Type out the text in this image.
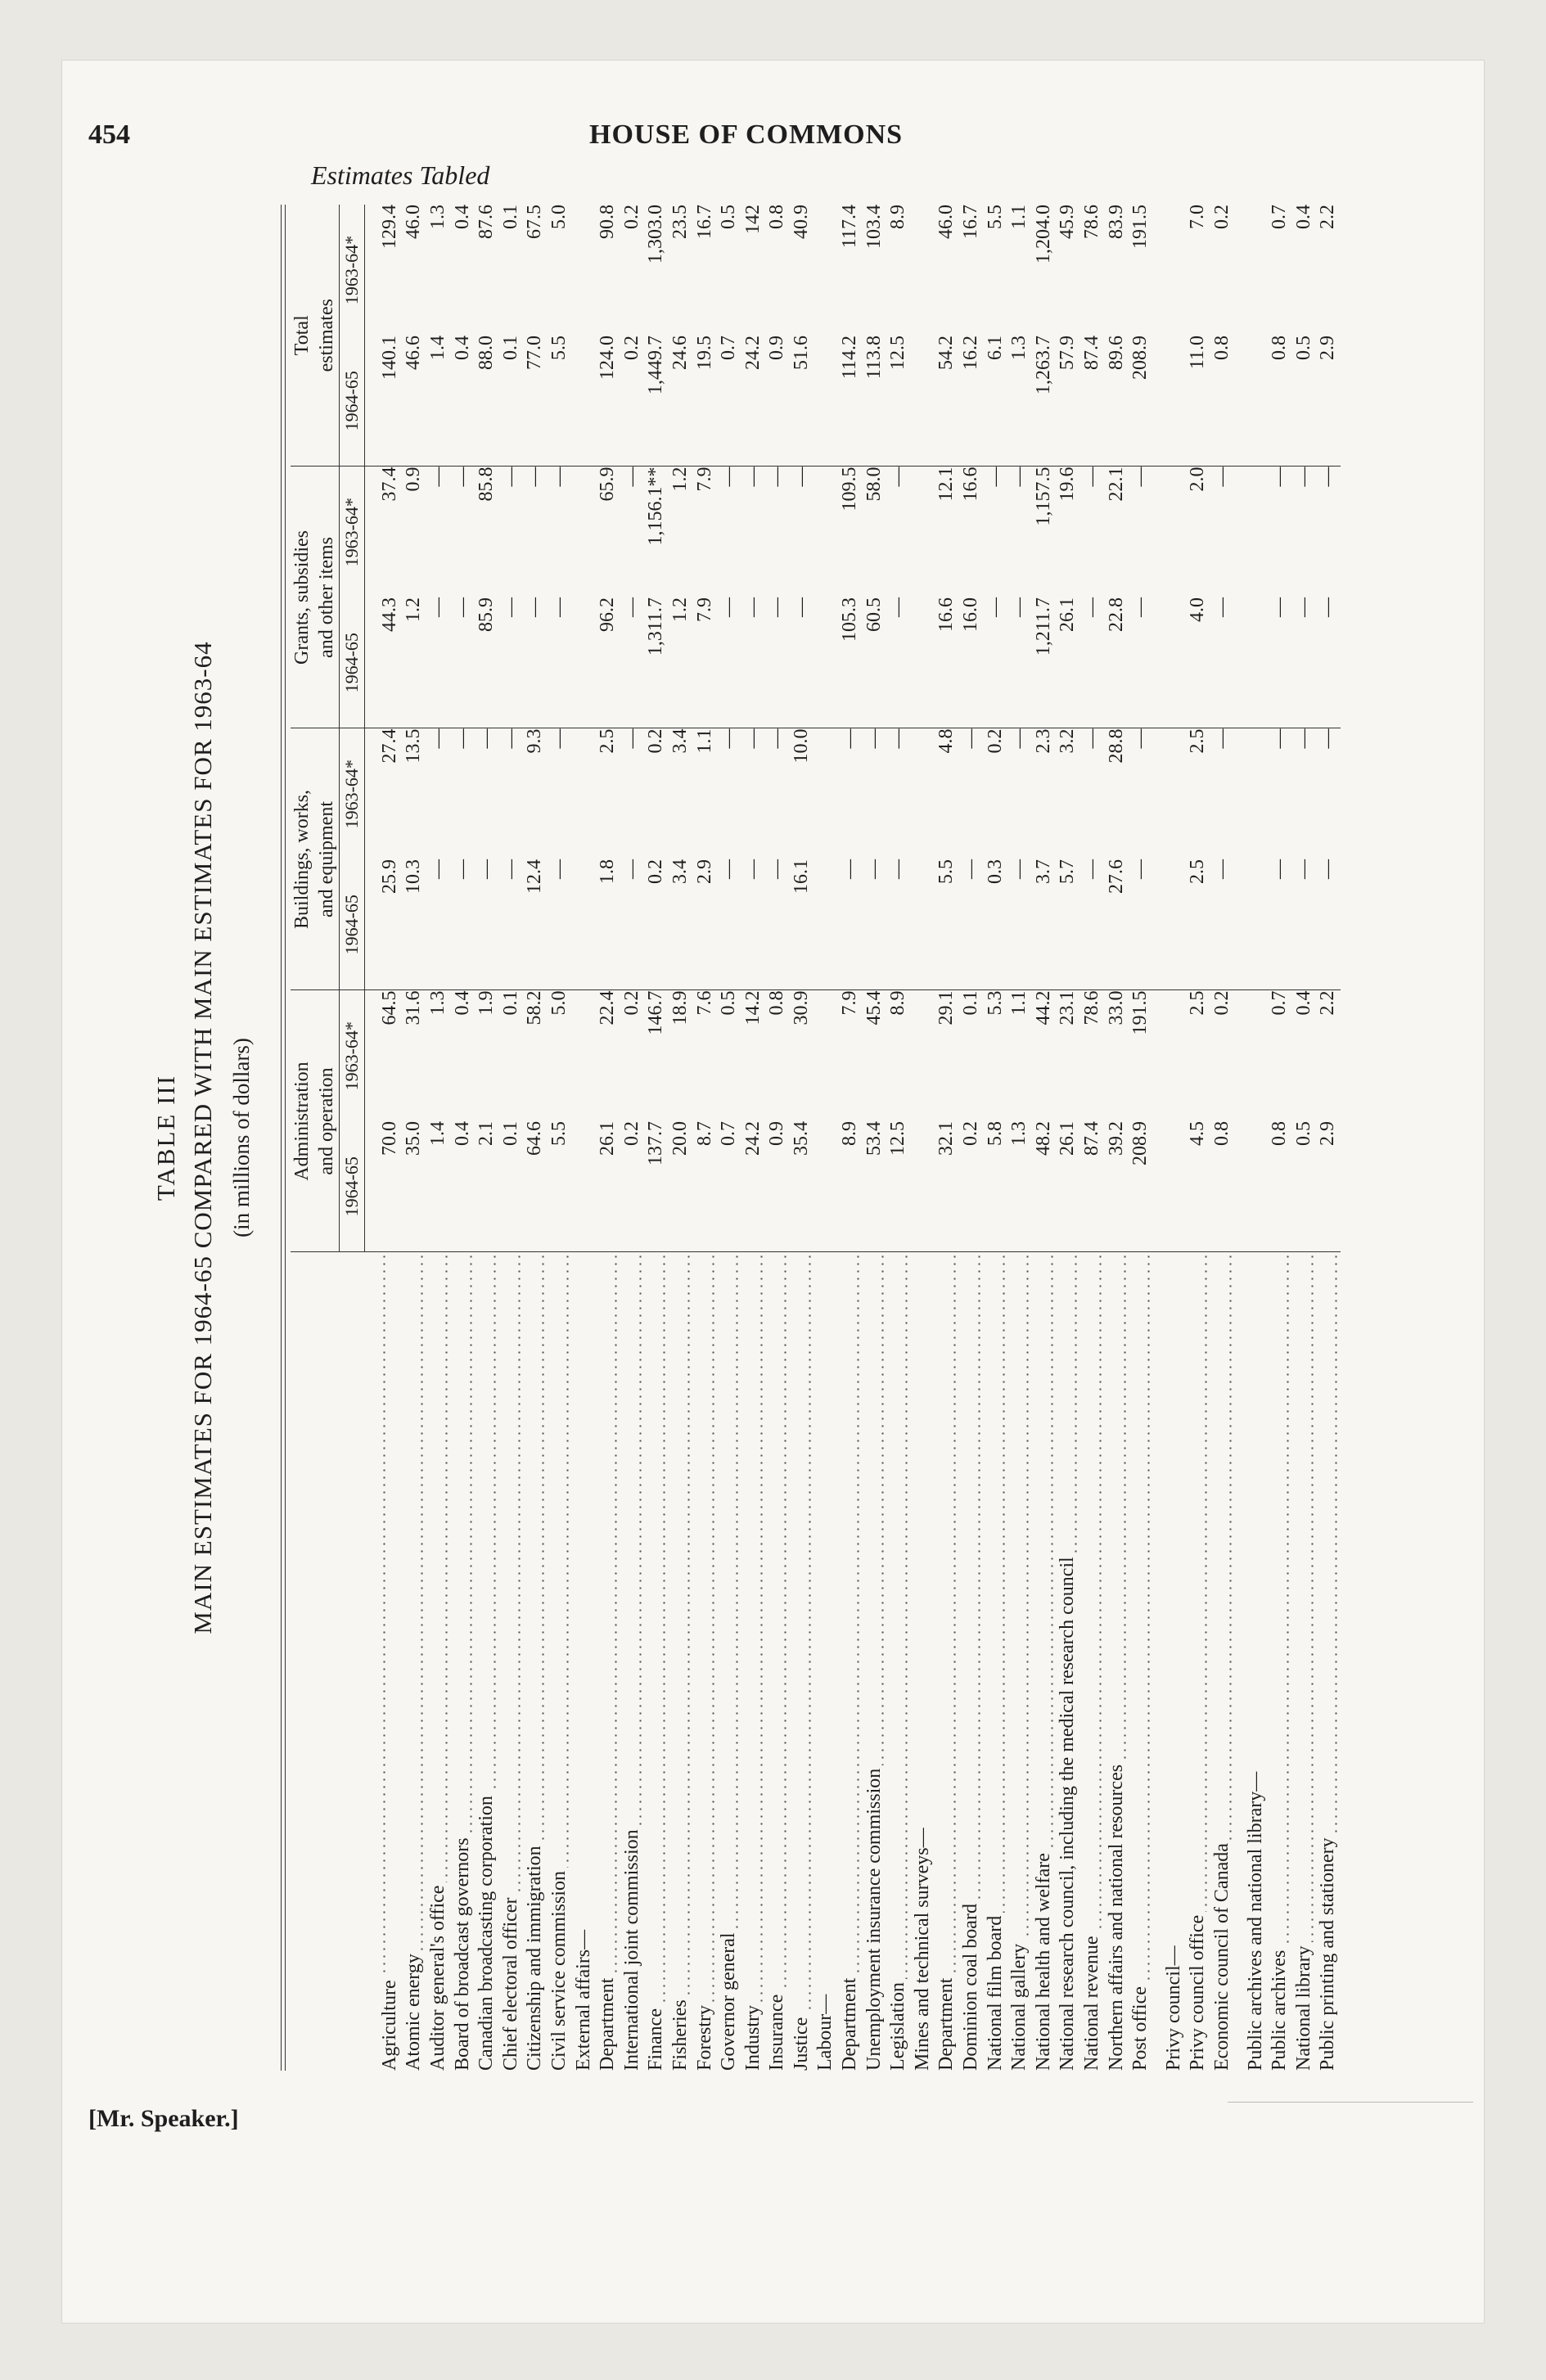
454	HOUSE OF COMMONS
TABLE III MAIN ESTIMATES FOR 1964-65 COMPARED WITH MAIN ESTIMATES FOR 1963-64 (in millions of dollars)
	Administration and operation		Buildings, works, and equipment		Grants, subsidies and other items		Total estimates	
	1964-65	1963-64*	1964-65	1963-64*	1964-65	1963-64*	1964-65	1963-64*
Agriculture	70.0	64.5	25.9	27.4	44.3	37.4	140.1	129.4
Atomic energy	35.0	31.6	10.3	13.5	1.2	0.9	46.6	46.0
Auditor general's office	1.4	1.3	—	—	—	—	1.4	1.3
Board of broadcast governors	0.4	0.4	—	—	—	—	0.4	0.4
Canadian broadcasting corporation	2.1	1.9	—	—	85.9	85.8	88.0	87.6
Chief electoral officer	0.1	0.1	—	—	—	—	0.1	0.1
Citizenship and immigration	64.6	58.2	12.4	9.3	—	—	77.0	67.5
Civil service commission	5.5	5.0	—	—	—	—	5.5	5.0
External affairs—								
Department	26.1	22.4	1.8	2.5	96.2	65.9	124.0	90.8
International joint commission	0.2	0.2	—	—	—	—	0.2	0.2
Finance	137.7	146.7	0.2	0.2	1,311.7	1,156.1**	1,449.7	1,303.0
Fisheries	20.0	18.9	3.4	3.4	1.2	1.2	24.6	23.5
Forestry	8.7	7.6	2.9	1.1	7.9	7.9	19.5	16.7
Governor general	0.7	0.5	—	—	—	—	0.7	0.5
Industry	24.2	14.2	—	—	—	—	24.2	142
Insurance	0.9	0.8	—	—	—	—	0.9	0.8
Justice	35.4	30.9	16.1	10.0	—	—	51.6	40.9
Labour—								
Department	8.9	7.9	—	—	105.3	109.5	114.2	117.4
Unemployment insurance commission	53.4	45.4	—	—	60.5	58.0	113.8	103.4
Legislation	12.5	8.9	—	—	—	—	12.5	8.9
Mines and technical surveys—								
Department	32.1	29.1	5.5	4.8	16.6	12.1	54.2	46.0
Dominion coal board	0.2	0.1	—	—	16.0	16.6	16.2	16.7
National film board	5.8	5.3	0.3	0.2	—	—	6.1	5.5
National gallery	1.3	1.1	—	—	—	—	1.3	1.1
National health and welfare	48.2	44.2	3.7	2.3	1,211.7	1,157.5	1,263.7	1,204.0
National research council, including the medical research council	26.1	23.1	5.7	3.2	26.1	19.6	57.9	45.9
National revenue	87.4	78.6	—	—	—	—	87.4	78.6
Northern affairs and national resources	39.2	33.0	27.6	28.8	22.8	22.1	89.6	83.9
Post office	208.9	191.5	—	—	—	—	208.9	191.5

Privy council—								
Privy council office	4.5	2.5	2.5	2.5	4.0	2.0	11.0	7.0
Economic council of Canada	0.8	0.2	—	—	—	—	0.8	0.2

Public archives and national library—								
Public archives	0.8	0.7	—	—	—	—	0.8	0.7
National library	0.5	0.4	—	—	—	—	0.5	0.4
Public printing and stationery	2.9	2.2	—	—	—	—	2.9	2.2
Estimates Tabled
[Mr. Speaker.]
